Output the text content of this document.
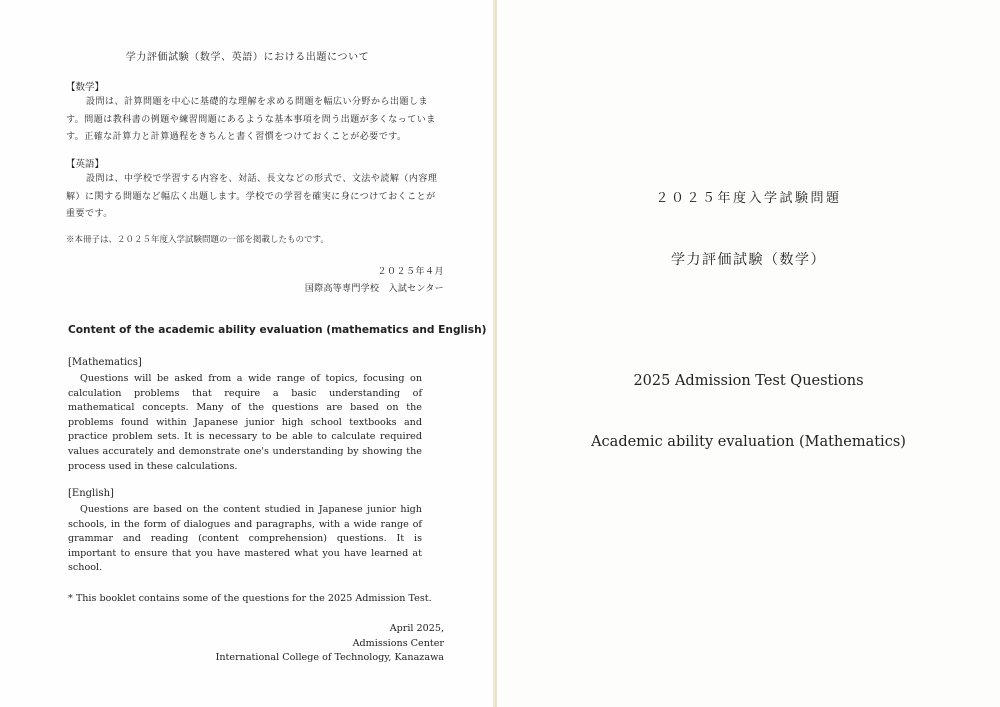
学力評価試験（数学、英語）における出題について

【数学】

設問は、計算問題を中心に基礎的な理解を求める問題を幅広い分野から出題します。問題は教科書の例題や練習問題にあるような基本事項を問う出題が多くなっています。正確な計算力と計算過程をきちんと書く習慣をつけておくことが必要です。

【英語】

設問は、中学校で学習する内容を、対話、長文などの形式で、文法や読解（内容理解）に関する問題など幅広く出題します。学校での学習を確実に身につけておくことが重要です。

※本冊子は、２０２５年度入学試験問題の一部を掲載したものです。

２０２５年４月

国際高等専門学校　入試センター

Content of the academic ability evaluation (mathematics and English)

[Mathematics]

Questions will be asked from a wide range of topics, focusing on calculation problems that require a basic understanding of mathematical concepts. Many of the questions are based on the problems found within Japanese junior high school textbooks and practice problem sets. It is necessary to be able to calculate required values accurately and demonstrate one's understanding by showing the process used in these calculations.

[English]

Questions are based on the content studied in Japanese junior high schools, in the form of dialogues and paragraphs, with a wide range of grammar and reading (content comprehension) questions. It is important to ensure that you have mastered what you have learned at school.

* This booklet contains some of the questions for the 2025 Admission Test.

April 2025,

Admissions Center

International College of Technology, Kanazawa

２０２５年度入学試験問題

学力評価試験（数学）

2025 Admission Test Questions

Academic ability evaluation (Mathematics)
